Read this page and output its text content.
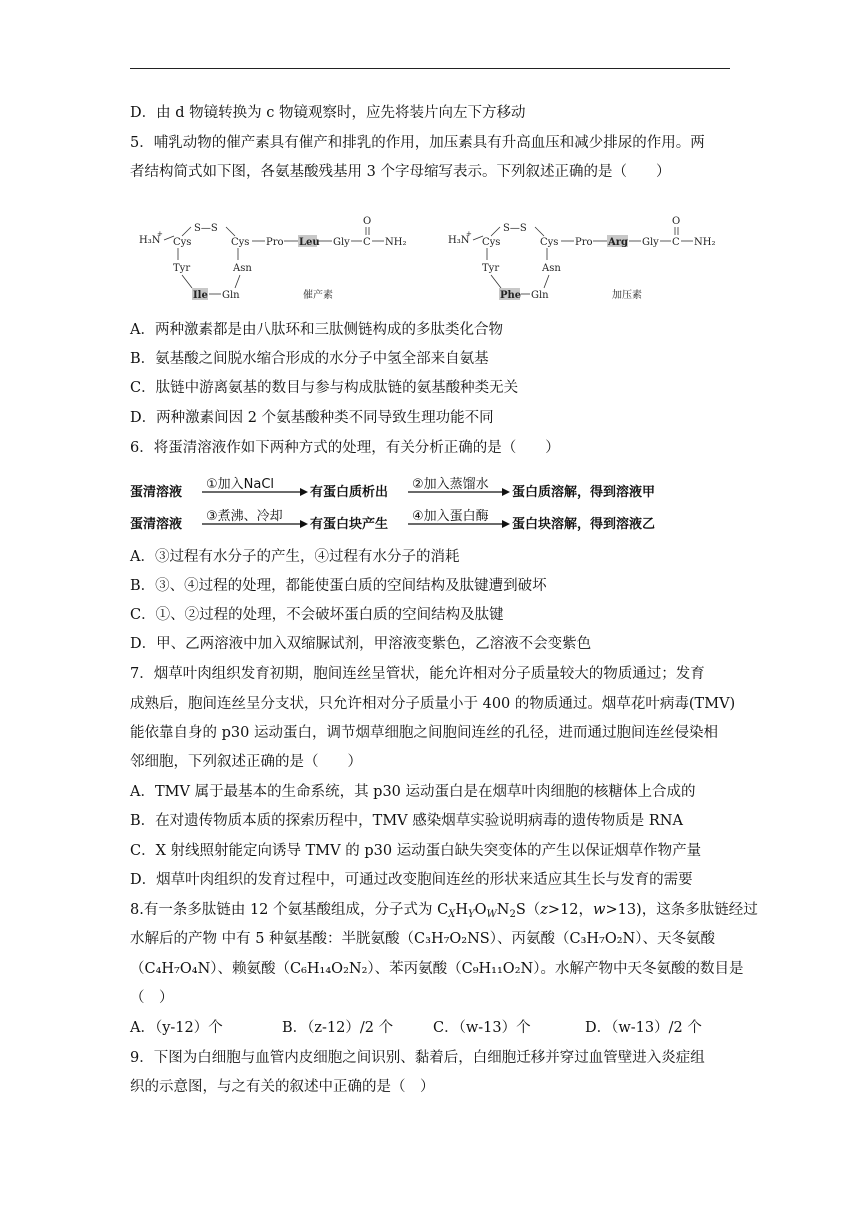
D．由 d 物镜转换为 c 物镜观察时，应先将装片向左下方移动
5．哺乳动物的催产素具有催产和排乳的作用，加压素具有升高血压和减少排尿的作用。两
者结构简式如下图，各氨基酸残基用 3 个字母缩写表示。下列叙述正确的是（　　）
H₃N
+
Cys
S—S
Cys Pro Leu Gly C
O
NH₂
Tyr	Asn
Ile Gln	催产素
H₃N
+
Cys
S—S
Cys Pro Arg Gly C
O
NH₂
Tyr	Asn
Phe Gln	加压素
A．两种激素都是由八肽环和三肽侧链构成的多肽类化合物
B．氨基酸之间脱水缩合形成的水分子中氢全部来自氨基
C．肽链中游离氨基的数目与参与构成肽链的氨基酸种类无关
D．两种激素间因 2 个氨基酸种类不同导致生理功能不同
6．将蛋清溶液作如下两种方式的处理，有关分析正确的是（　　）
蛋清溶液
①加入NaCl
有蛋白质析出
②加入蒸馏水
蛋白质溶解，得到溶液甲
蛋清溶液
③煮沸、冷却
有蛋白块产生
④加入蛋白酶
蛋白块溶解，得到溶液乙
A．③过程有水分子的产生，④过程有水分子的消耗
B．③、④过程的处理，都能使蛋白质的空间结构及肽键遭到破坏
C．①、②过程的处理，不会破坏蛋白质的空间结构及肽键
D．甲、乙两溶液中加入双缩脲试剂，甲溶液变紫色，乙溶液不会变紫色
7．烟草叶肉组织发育初期，胞间连丝呈管状，能允许相对分子质量较大的物质通过；发育
成熟后，胞间连丝呈分支状，只允许相对分子质量小于 400 的物质通过。烟草花叶病毒(TMV)
能依靠自身的 p30 运动蛋白，调节烟草细胞之间胞间连丝的孔径，进而通过胞间连丝侵染相
邻细胞，下列叙述正确的是（　　）
A．TMV 属于最基本的生命系统，其 p30 运动蛋白是在烟草叶肉细胞的核糖体上合成的
B．在对遗传物质本质的探索历程中，TMV 感染烟草实验说明病毒的遗传物质是 RNA
C．X 射线照射能定向诱导 TMV 的 p30 运动蛋白缺失突变体的产生以保证烟草作物产量
D．烟草叶肉组织的发育过程中，可通过改变胞间连丝的形状来适应其生长与发育的需要
8.有一条多肽链由 12 个氨基酸组成，分子式为 $C_XH_YO_WN_2S(z>12$，w>13)，这条多肽链经过
水解后的产物 中有 5 种氨基酸：半胱氨酸（C₃H₇O₂NS）、丙氨酸（C₃H₇O₂N）、天冬氨酸
（C₄H₇O₄N）、赖氨酸（C₆H₁₄O₂N₂）、苯丙氨酸（C₉H₁₁O₂N）。水解产物中天冬氨酸的数目是
（　）
A．（y-12）个	B．（z-12）/2 个	C．（w-13）个	D．（w-13）/2 个
9．下图为白细胞与血管内皮细胞之间识别、黏着后，白细胞迁移并穿过血管壁进入炎症组
织的示意图，与之有关的叙述中正确的是（　）
